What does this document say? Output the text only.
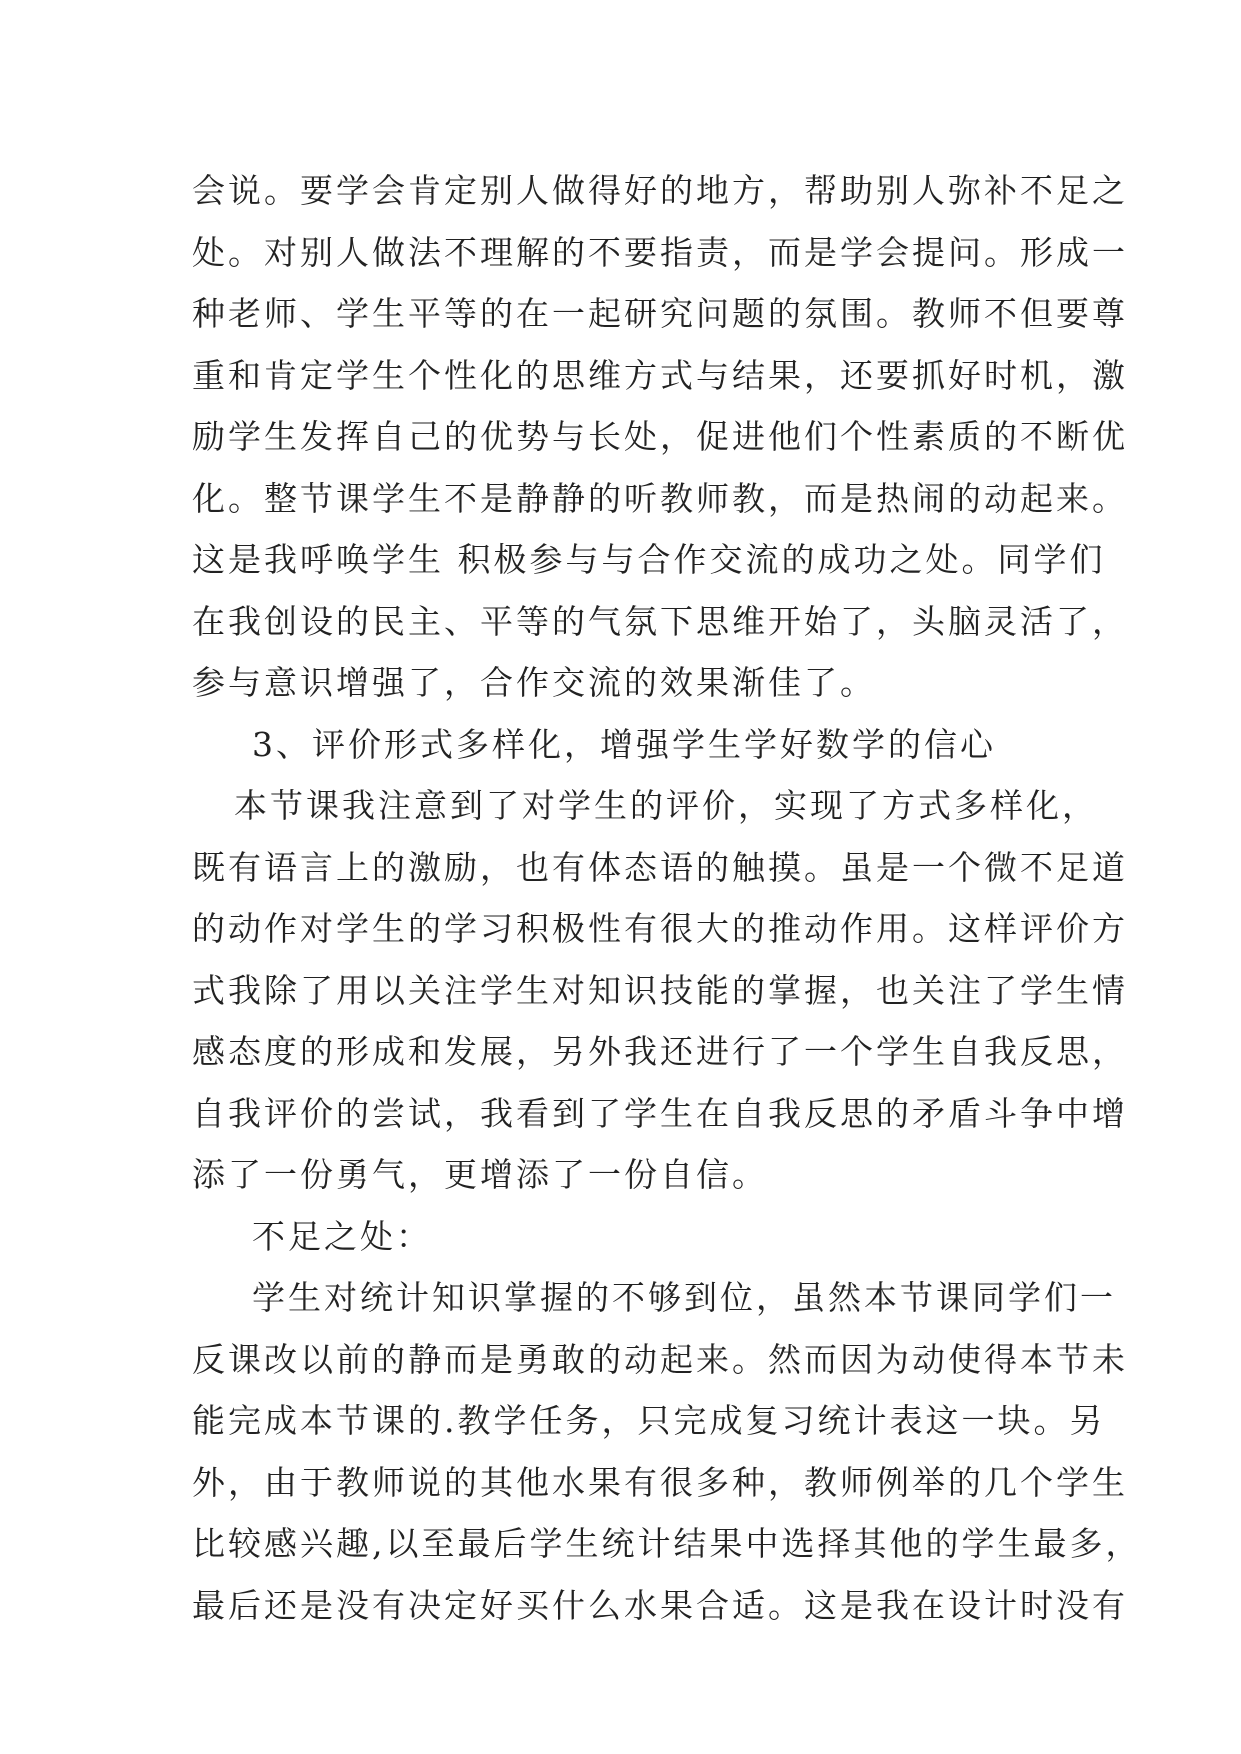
会说。要学会肯定别人做得好的地方，帮助别人弥补不足之
处。对别人做法不理解的不要指责，而是学会提问。形成一
种老师、学生平等的在一起研究问题的氛围。教师不但要尊
重和肯定学生个性化的思维方式与结果，还要抓好时机，激
励学生发挥自己的优势与长处，促进他们个性素质的不断优
化。整节课学生不是静静的听教师教，而是热闹的动起来。
这是我呼唤学生 积极参与与合作交流的成功之处。同学们
在我创设的民主、平等的气氛下思维开始了，头脑灵活了，
参与意识增强了，合作交流的效果渐佳了。
3、评价形式多样化，增强学生学好数学的信心
本节课我注意到了对学生的评价，实现了方式多样化，
既有语言上的激励，也有体态语的触摸。虽是一个微不足道
的动作对学生的学习积极性有很大的推动作用。这样评价方
式我除了用以关注学生对知识技能的掌握，也关注了学生情
感态度的形成和发展，另外我还进行了一个学生自我反思，
自我评价的尝试，我看到了学生在自我反思的矛盾斗争中增
添了一份勇气，更增添了一份自信。
不足之处：
学生对统计知识掌握的不够到位，虽然本节课同学们一
反课改以前的静而是勇敢的动起来。然而因为动使得本节未
能完成本节课的.教学任务，只完成复习统计表这一块。另
外，由于教师说的其他水果有很多种，教师例举的几个学生
比较感兴趣,以至最后学生统计结果中选择其他的学生最多，
最后还是没有决定好买什么水果合适。这是我在设计时没有
